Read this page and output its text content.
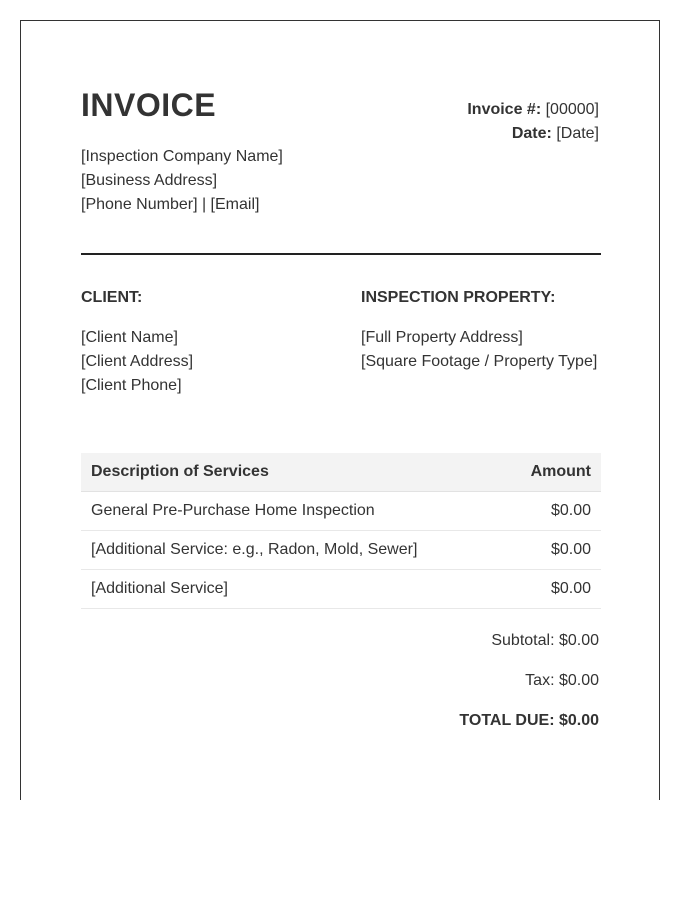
INVOICE	Invoice #: [00000]
Date: [Date]
[Inspection Company Name]
[Business Address]
[Phone Number] | [Email]
CLIENT:
[Client Name]
[Client Address]
[Client Phone]
INSPECTION PROPERTY:
[Full Property Address]
[Square Footage / Property Type]
Description of Services	Amount
General Pre-Purchase Home Inspection	$0.00
[Additional Service: e.g., Radon, Mold, Sewer]	$0.00
[Additional Service]	$0.00
Subtotal: $0.00
Tax: $0.00
TOTAL DUE: $0.00
